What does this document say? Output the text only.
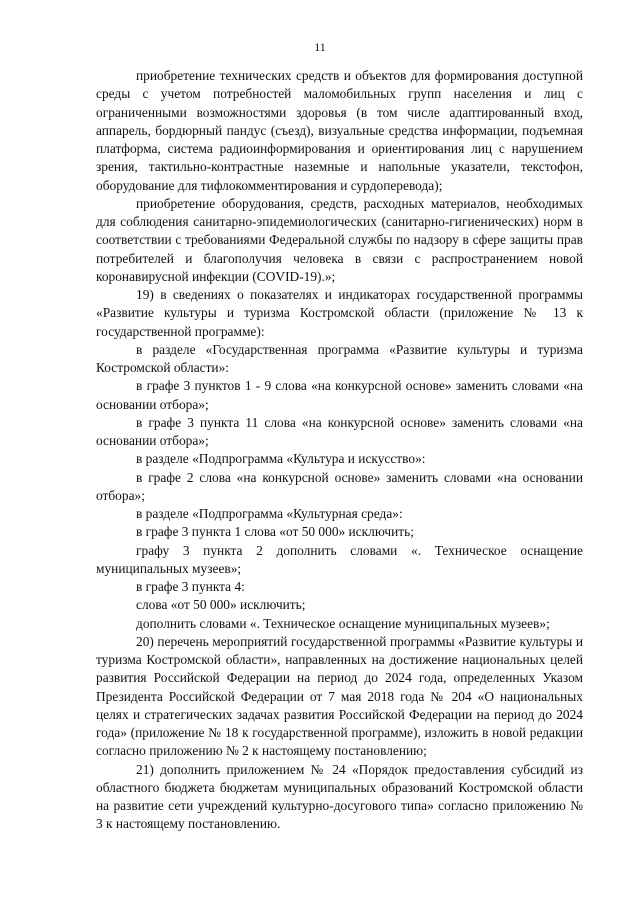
11

приобретение технических средств и объектов для формирования доступной среды с учетом потребностей маломобильных групп населения и лиц с ограниченными возможностями здоровья (в том числе адаптированный вход, аппарель, бордюрный пандус (съезд), визуальные средства информации, подъемная платформа, система радиоинформирования и ориентирования лиц с нарушением зрения, тактильно-контрастные наземные и напольные указатели, текстофон, оборудование для тифлокомментирования и сурдоперевода);

приобретение оборудования, средств, расходных материалов, необходимых для соблюдения санитарно-эпидемиологических (санитарно-гигиенических) норм в соответствии с требованиями Федеральной службы по надзору в сфере защиты прав потребителей и благополучия человека в связи с распространением новой коронавирусной инфекции (COVID-19).»;

19) в сведениях о показателях и индикаторах государственной программы «Развитие культуры и туризма Костромской области (приложение № 13 к государственной программе):

в разделе «Государственная программа «Развитие культуры и туризма Костромской области»:

в графе 3 пунктов 1 - 9 слова «на конкурсной основе» заменить словами «на основании отбора»;

в графе 3 пункта 11 слова «на конкурсной основе» заменить словами «на основании отбора»;

в разделе «Подпрограмма «Культура и искусство»:

в графе 2 слова «на конкурсной основе» заменить словами «на основании отбора»;

в разделе «Подпрограмма «Культурная среда»:

в графе 3 пункта 1 слова «от 50 000» исключить;

графу 3 пункта 2 дополнить словами «. Техническое оснащение муниципальных музеев»;

в графе 3 пункта 4:

слова «от 50 000» исключить;

дополнить словами «. Техническое оснащение муниципальных музеев»;

20) перечень мероприятий государственной программы «Развитие культуры и туризма Костромской области», направленных на достижение национальных целей развития Российской Федерации на период до 2024 года, определенных Указом Президента Российской Федерации от 7 мая 2018 года № 204 «О национальных целях и стратегических задачах развития Российской Федерации на период до 2024 года» (приложение № 18 к государственной программе), изложить в новой редакции согласно приложению № 2 к настоящему постановлению;

21) дополнить приложением № 24 «Порядок предоставления субсидий из областного бюджета бюджетам муниципальных образований Костромской области на развитие сети учреждений культурно-досугового типа» согласно приложению № 3 к настоящему постановлению.
